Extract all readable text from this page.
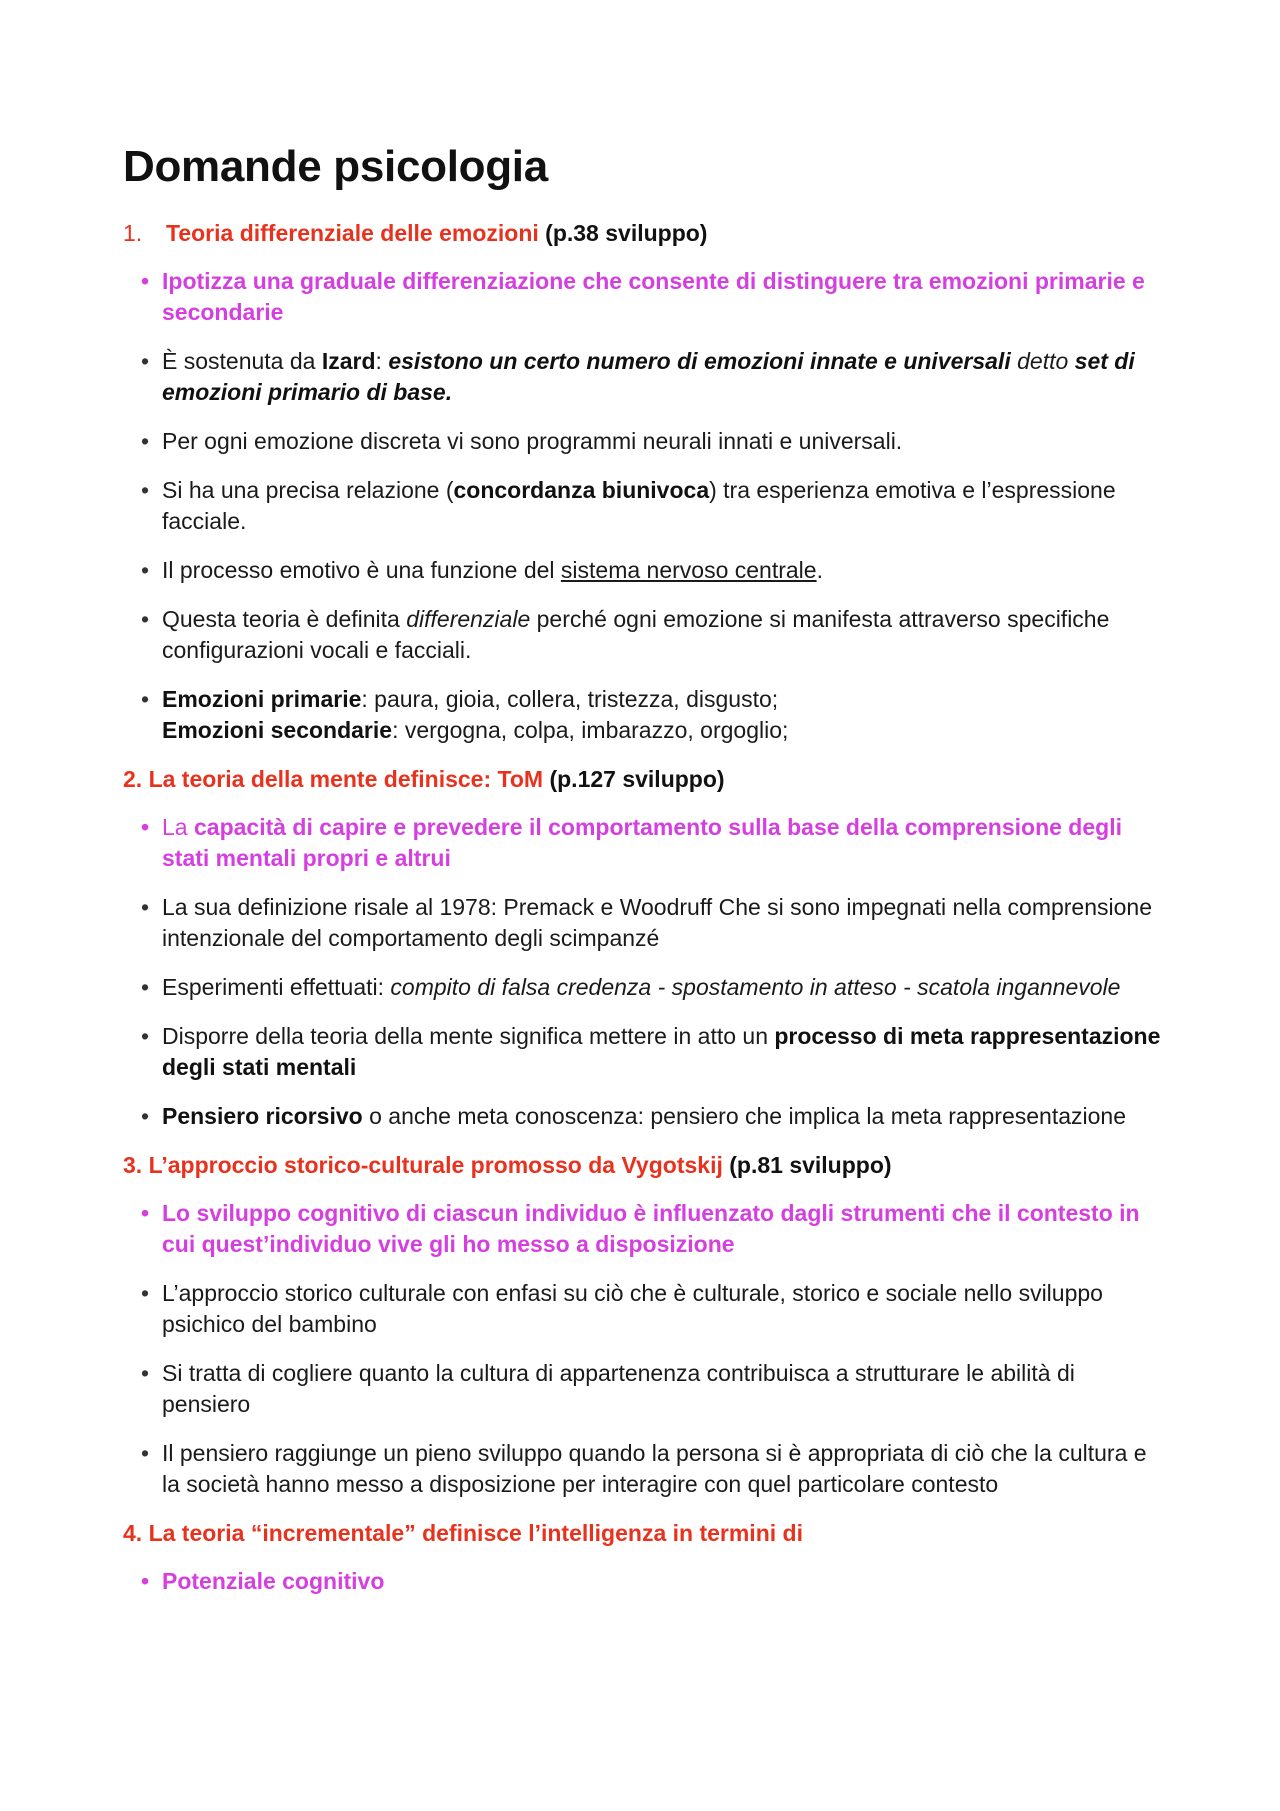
Domande psicologia
1. Teoria differenziale delle emozioni (p.38 sviluppo)
• Ipotizza una graduale differenziazione che consente di distinguere tra emozioni primarie e secondarie
• È sostenuta da Izard: esistono un certo numero di emozioni innate e universali detto set di emozioni primario di base.
• Per ogni emozione discreta vi sono programmi neurali innati e universali.
• Si ha una precisa relazione (concordanza biunivoca) tra esperienza emotiva e l’espressione facciale.
• Il processo emotivo è una funzione del sistema nervoso centrale.
• Questa teoria è definita differenziale perché ogni emozione si manifesta attraverso specifiche configurazioni vocali e facciali.
• Emozioni primarie: paura, gioia, collera, tristezza, disgusto;
Emozioni secondarie: vergogna, colpa, imbarazzo, orgoglio;
2. La teoria della mente definisce: ToM (p.127 sviluppo)
• La capacità di capire e prevedere il comportamento sulla base della comprensione degli stati mentali propri e altrui
• La sua definizione risale al 1978: Premack e Woodruff Che si sono impegnati nella comprensione intenzionale del comportamento degli scimpanzé
• Esperimenti effettuati: compito di falsa credenza - spostamento in atteso - scatola ingannevole
• Disporre della teoria della mente significa mettere in atto un processo di meta rappresentazione degli stati mentali
• Pensiero ricorsivo o anche meta conoscenza: pensiero che implica la meta rappresentazione
3. L’approccio storico-culturale promosso da Vygotskij (p.81 sviluppo)
• Lo sviluppo cognitivo di ciascun individuo è influenzato dagli strumenti che il contesto in cui quest’individuo vive gli ho messo a disposizione
• L’approccio storico culturale con enfasi su ciò che è culturale, storico e sociale nello sviluppo psichico del bambino
• Si tratta di cogliere quanto la cultura di appartenenza contribuisca a strutturare le abilità di pensiero
• Il pensiero raggiunge un pieno sviluppo quando la persona si è appropriata di ciò che la cultura e la società hanno messo a disposizione per interagire con quel particolare contesto
4. La teoria “incrementale” definisce l’intelligenza in termini di
• Potenziale cognitivo
